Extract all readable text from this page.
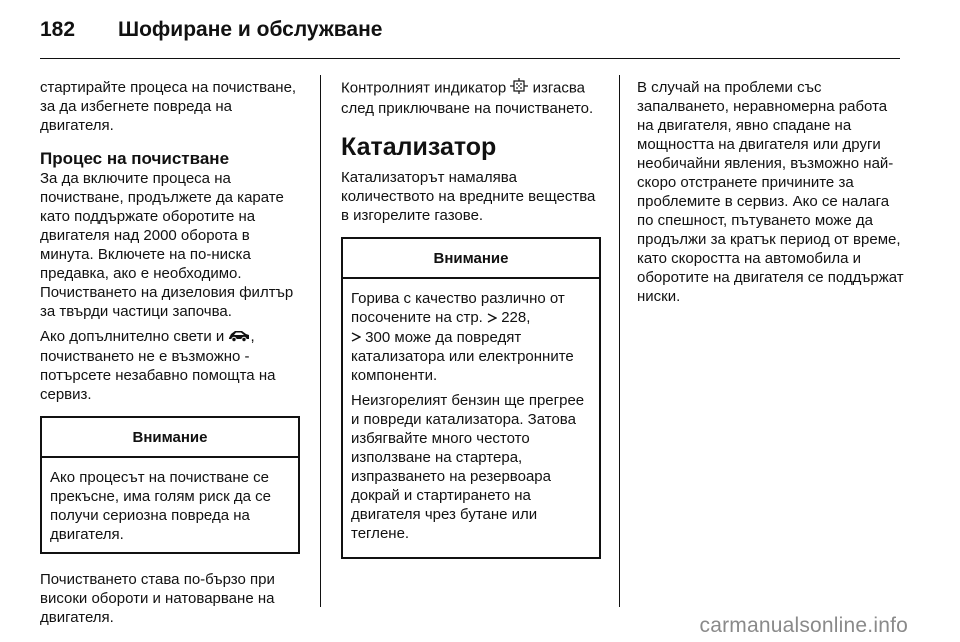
182	Шофиране и обслужване

стартирайте процеса на почистване, за да избегнете повреда на двигателя.

Процес на почистване

За да включите процеса на почистване, продължете да карате като поддържате оборотите на двигателя над 2000 оборота в минута. Включете на по-ниска предавка, ако е необходимо. Почистването на дизеловия филтър за твърди частици започва.

Ако допълнително свети и , почистването не е възможно - потърсете незабавно помощта на сервиз.

Внимание
Ако процесът на почистване се прекъсне, има голям риск да се получи сериозна повреда на двигателя.

Почистването става по-бързо при високи обороти и натоварване на двигателя.

Контролният индикатор изгасва след приключване на почистването.

Катализатор

Катализаторът намалява количеството на вредните вещества в изгорелите газове.

Внимание

Горива с качество различно от посочените на стр. 228,
300 може да повредят катализатора или електронните компоненти.

Неизгорелият бензин ще прегрее и повреди катализатора. Затова избягвайте много честото използване на стартера, изпразването на резервоара докрай и стартирането на двигателя чрез бутане или теглене.

В случай на проблеми със запалването, неравномерна работа на двигателя, явно спадане на мощността на двигателя или други необичайни явления, възможно най-скоро отстранете причините за проблемите в сервиз. Ако се налага по спешност, пътуването може да продължи за кратък период от време, като скоростта на автомобила и оборотите на двигателя се поддържат ниски.

carmanualsonline.info
